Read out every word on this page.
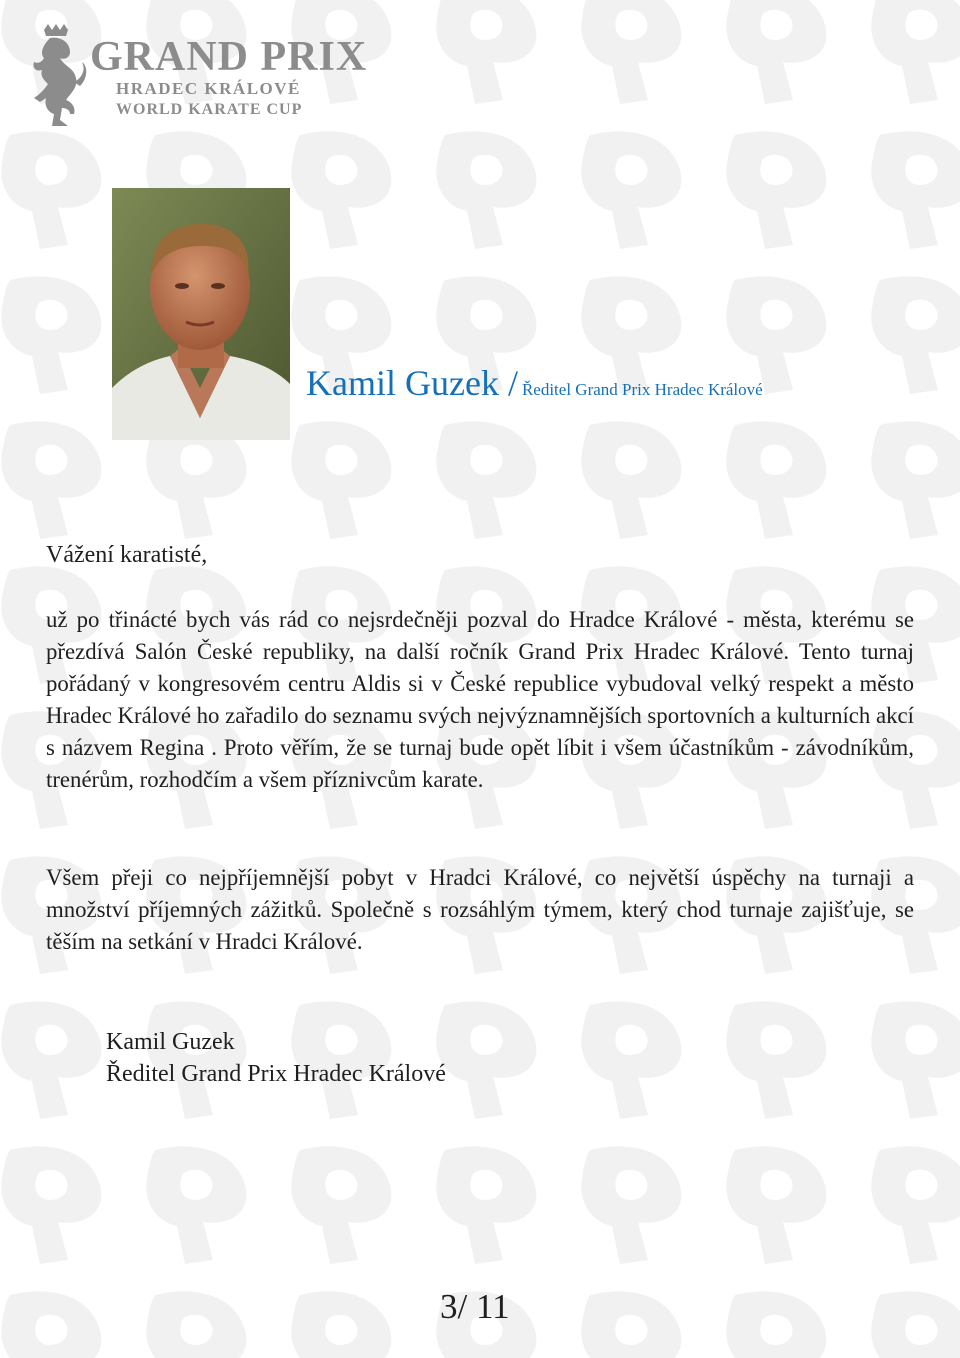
GRAND PRIX
HRADEC KRÁLOVÉ
WORLD KARATE CUP
Kamil Guzek / Ředitel Grand Prix Hradec Králové
Vážení karatisté,
už po třinácté bych vás rád co nejsrdečněji pozval do Hradce Králové - města, kterému se přezdívá Salón České republiky, na další ročník Grand Prix Hradec Králové. Tento turnaj pořádaný v kongresovém centru Aldis si v České republice vybudoval velký respekt a město Hradec Králové ho zařadilo do seznamu svých nejvýznamnějších sportovních a kulturních akcí s názvem Regina . Proto věřím, že se turnaj bude opět líbit i všem účastníkům - závodníkům, trenérům, rozhodčím a všem příznivcům karate.
Všem přeji co nejpříjemnější pobyt v Hradci Králové, co největší úspěchy na turnaji a množství příjemných zážitků. Společně s rozsáhlým týmem, který chod turnaje zajišťuje, se těším na setkání v Hradci Králové.
Kamil Guzek
Ředitel Grand Prix Hradec Králové
3/ 11
